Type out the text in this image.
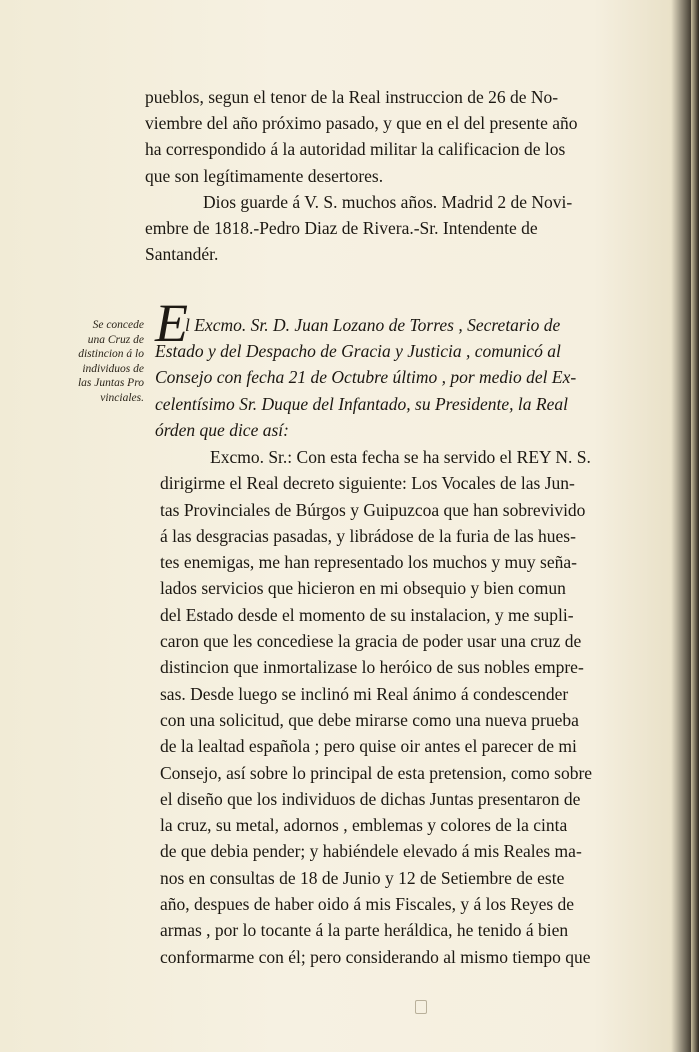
pueblos, segun el tenor de la Real instruccion de 26 de No-
viembre del año próximo pasado, y que en el del presente año
ha correspondido á la autoridad militar la calificacion de los
que son legítimamente desertores.
Dios guarde á V. S. muchos años. Madrid 2 de Novi-
embre de 1818.-Pedro Diaz de Rivera.-Sr. Intendente de
Santandér.
Se concede
una Cruz de
distincion á lo
individuos de
las Juntas Pro
vinciales.
E
l Excmo. Sr. D. Juan Lozano de Torres , Secretario de
Estado y del Despacho de Gracia y Justicia , comunicó al
Consejo con fecha 21 de Octubre último , por medio del Ex-
celentísimo Sr. Duque del Infantado, su Presidente, la Real
órden que dice así:
Excmo. Sr.: Con esta fecha se ha servido el REY N. S.
dirigirme el Real decreto siguiente: Los Vocales de las Jun-
tas Provinciales de Búrgos y Guipuzcoa que han sobrevivido
á las desgracias pasadas, y librádose de la furia de las hues-
tes enemigas, me han representado los muchos y muy seña-
lados servicios que hicieron en mi obsequio y bien comun
del Estado desde el momento de su instalacion, y me supli-
caron que les concediese la gracia de poder usar una cruz de
distincion que inmortalizase lo heróico de sus nobles empre-
sas. Desde luego se inclinó mi Real ánimo á condescender
con una solicitud, que debe mirarse como una nueva prueba
de la lealtad española ; pero quise oir antes el parecer de mi
Consejo, así sobre lo principal de esta pretension, como sobre
el diseño que los individuos de dichas Juntas presentaron de
la cruz, su metal, adornos , emblemas y colores de la cinta
de que debia pender; y habiéndele elevado á mis Reales ma-
nos en consultas de 18 de Junio y 12 de Setiembre de este
año, despues de haber oido á mis Fiscales, y á los Reyes de
armas , por lo tocante á la parte heráldica, he tenido á bien
conformarme con él; pero considerando al mismo tiempo que
